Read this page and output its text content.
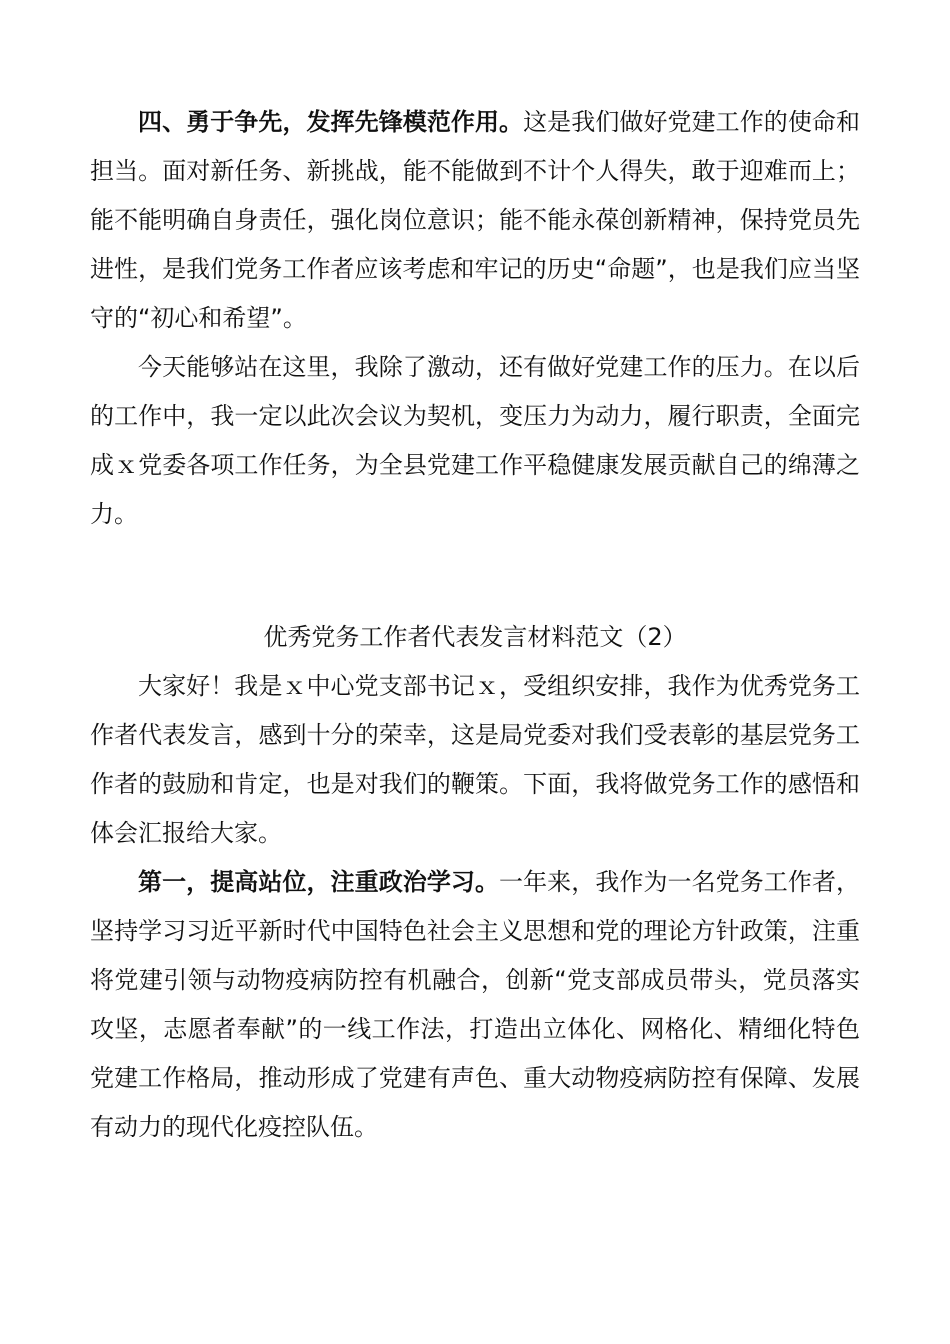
四、勇于争先，发挥先锋模范作用。这是我们做好党建工作的使命和担当。面对新任务、新挑战，能不能做到不计个人得失，敢于迎难而上；能不能明确自身责任，强化岗位意识；能不能永葆创新精神，保持党员先进性，是我们党务工作者应该考虑和牢记的历史“命题”，也是我们应当坚守的“初心和希望”。

今天能够站在这里，我除了激动，还有做好党建工作的压力。在以后的工作中，我一定以此次会议为契机，变压力为动力，履行职责，全面完成ｘ党委各项工作任务，为全县党建工作平稳健康发展贡献自己的绵薄之力。

优秀党务工作者代表发言材料范文（2）

大家好！我是ｘ中心党支部书记ｘ，受组织安排，我作为优秀党务工作者代表发言，感到十分的荣幸，这是局党委对我们受表彰的基层党务工作者的鼓励和肯定，也是对我们的鞭策。下面，我将做党务工作的感悟和体会汇报给大家。

第一，提高站位，注重政治学习。一年来，我作为一名党务工作者，坚持学习习近平新时代中国特色社会主义思想和党的理论方针政策，注重将党建引领与动物疫病防控有机融合，创新“党支部成员带头，党员落实攻坚，志愿者奉献”的一线工作法，打造出立体化、网格化、精细化特色党建工作格局，推动形成了党建有声色、重大动物疫病防控有保障、发展有动力的现代化疫控队伍。
